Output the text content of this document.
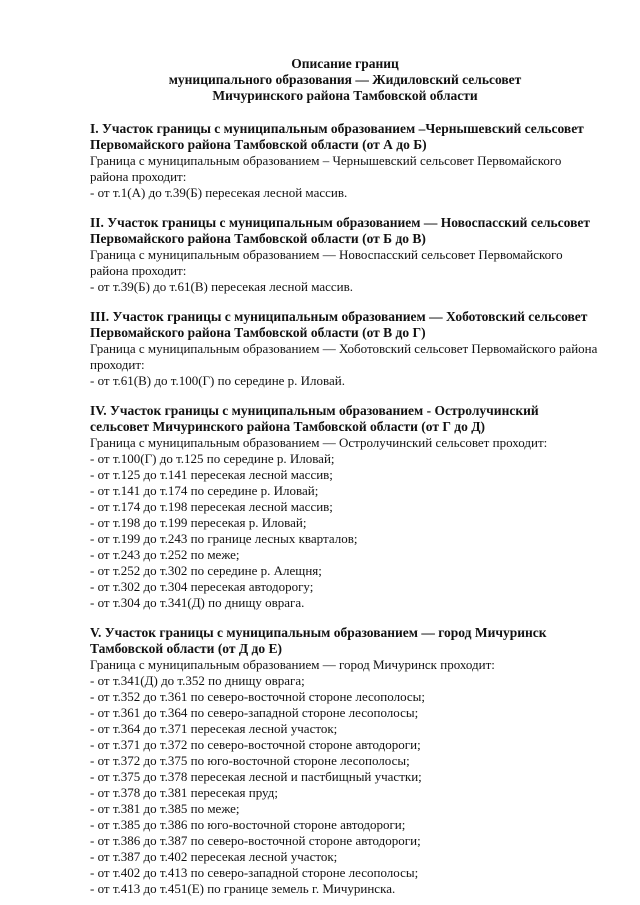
Описание границ
муниципального образования — Жидиловский сельсовет
Мичуринского района Тамбовской области

I. Участок границы с муниципальным образованием –Чернышевский сельсовет Первомайского района Тамбовской области (от А до Б)

Граница с муниципальным образованием – Чернышевский сельсовет Первомайского района проходит:

- от т.1(А) до т.39(Б) пересекая лесной массив.

II. Участок границы с муниципальным образованием — Новоспасский сельсовет Первомайского района Тамбовской области (от Б до В)

Граница с муниципальным образованием — Новоспасский сельсовет Первомайского района проходит:

- от т.39(Б) до т.61(В) пересекая лесной массив.

III. Участок границы с муниципальным образованием — Хоботовский сельсовет Первомайского района Тамбовской области (от В до Г)

Граница с муниципальным образованием — Хоботовский сельсовет Первомайского района проходит:

- от т.61(В) до т.100(Г) по середине р. Иловай.

IV. Участок границы с муниципальным образованием - Остролучинский сельсовет Мичуринского района Тамбовской области (от Г до Д)

Граница с муниципальным образованием — Остролучинский сельсовет проходит:

- от т.100(Г) до т.125 по середине р. Иловай;
- от т.125 до т.141 пересекая лесной массив;
- от т.141 до т.174 по середине р. Иловай;
- от т.174 до т.198 пересекая лесной массив;
- от т.198 до т.199 пересекая р. Иловай;
- от т.199 до т.243 по границе лесных кварталов;
- от т.243 до т.252 по меже;
- от т.252 до т.302 по середине р. Алещня;
- от т.302 до т.304 пересекая автодорогу;
- от т.304 до т.341(Д) по днищу оврага.

V. Участок границы с муниципальным образованием — город Мичуринск Тамбовской области (от Д до Е)

Граница с муниципальным образованием — город Мичуринск проходит:

- от т.341(Д) до т.352 по днищу оврага;
- от т.352 до т.361 по северо-восточной стороне лесополосы;
- от т.361 до т.364 по северо-западной стороне лесополосы;
- от т.364 до т.371 пересекая лесной участок;
- от т.371 до т.372 по северо-восточной стороне автодороги;
- от т.372 до т.375 по юго-восточной стороне лесополосы;
- от т.375 до т.378 пересекая лесной и пастбищный участки;
- от т.378 до т.381 пересекая пруд;
- от т.381 до т.385 по меже;
- от т.385 до т.386 по юго-восточной стороне автодороги;
- от т.386 до т.387 по северо-восточной стороне автодороги;
- от т.387 до т.402 пересекая лесной участок;
- от т.402 до т.413 по северо-западной стороне лесополосы;
- от т.413 до т.451(Е) по границе земель г. Мичуринска.
